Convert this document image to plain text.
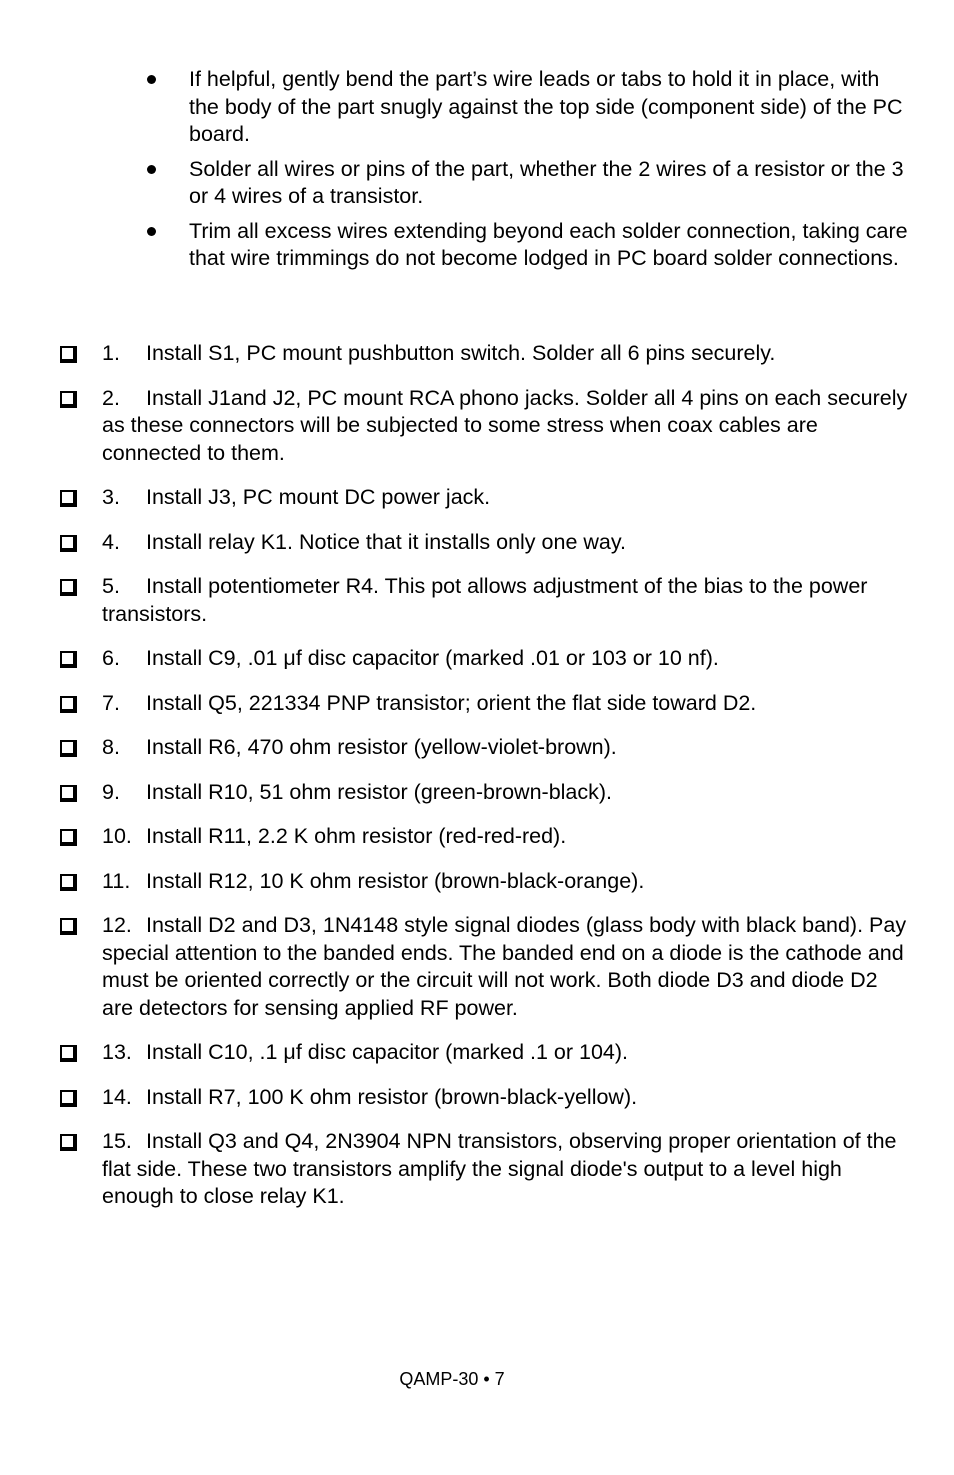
If helpful, gently bend the part’s wire leads or tabs to hold it in place, with the body of the part snugly against the top side (component side) of the PC board.
Solder all wires or pins of the part, whether the 2 wires of a resistor or the 3 or 4 wires of a transistor.
Trim all excess wires extending beyond each solder connection, taking care that wire trimmings do not become lodged in PC board solder connections.
1. Install S1, PC mount pushbutton switch. Solder all 6 pins securely.
2. Install J1and J2, PC mount RCA phono jacks. Solder all 4 pins on each securely as these connectors will be subjected to some stress when coax cables are connected to them.
3. Install J3, PC mount DC power jack.
4. Install relay K1. Notice that it installs only one way.
5. Install potentiometer R4. This pot allows adjustment of the bias to the power transistors.
6. Install C9, .01 μf disc capacitor (marked .01 or 103 or 10 nf).
7. Install Q5, 221334 PNP transistor; orient the flat side toward D2.
8. Install R6, 470 ohm resistor (yellow-violet-brown).
9. Install R10, 51 ohm resistor (green-brown-black).
10. Install R11, 2.2 K ohm resistor (red-red-red).
11. Install R12, 10 K ohm resistor (brown-black-orange).
12. Install D2 and D3, 1N4148 style signal diodes (glass body with black band). Pay special attention to the banded ends. The banded end on a diode is the cathode and must be oriented correctly or the circuit will not work. Both diode D3 and diode D2 are detectors for sensing applied RF power.
13. Install C10, .1 μf disc capacitor (marked .1 or 104).
14. Install R7, 100 K ohm resistor (brown-black-yellow).
15. Install Q3 and Q4, 2N3904 NPN transistors, observing proper orientation of the flat side. These two transistors amplify the signal diode's output to a level high enough to close relay K1.
QAMP-30 • 7
